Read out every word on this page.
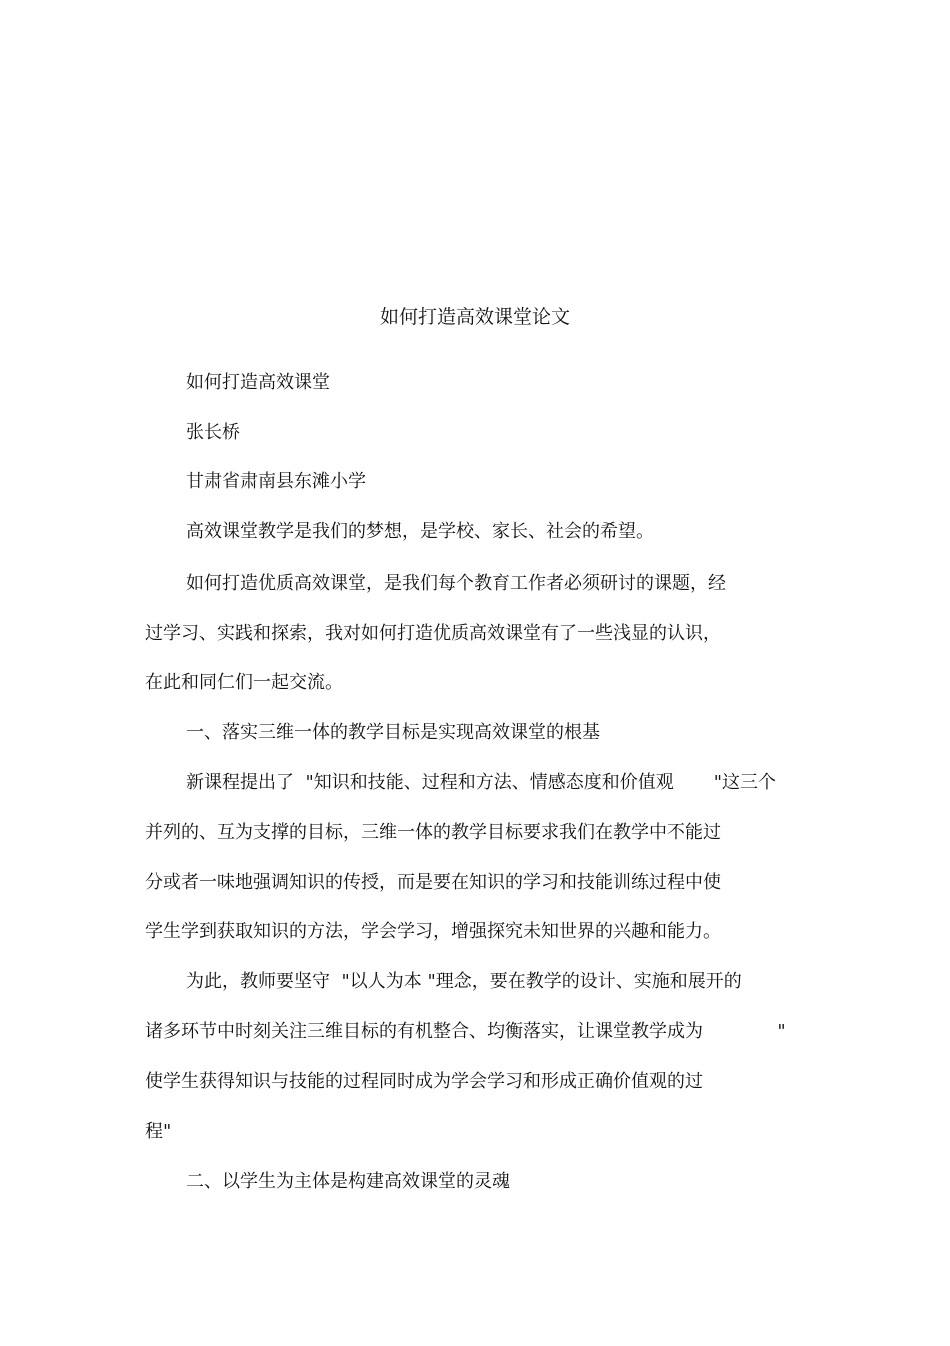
如何打造高效课堂论文
如何打造高效课堂
张长桥
甘肃省肃南县东滩小学
高效课堂教学是我们的梦想，是学校、家长、社会的希望。
如何打造优质高效课堂，是我们每个教育工作者必须研讨的课题，经
过学习、实践和探索，我对如何打造优质高效课堂有了一些浅显的认识，
在此和同仁们一起交流。
一、落实三维一体的教学目标是实现高效课堂的根基
新课程提出了  "知识和技能、过程和方法、情感态度和价值观       "这三个
并列的、互为支撑的目标，三维一体的教学目标要求我们在教学中不能过
分或者一味地强调知识的传授，而是要在知识的学习和技能训练过程中使
学生学到获取知识的方法，学会学习，增强探究未知世界的兴趣和能力。
为此，教师要坚守  "以人为本 "理念，要在教学的设计、实施和展开的
诸多环节中时刻关注三维目标的有机整合、均衡落实，让课堂教学成为             "
使学生获得知识与技能的过程同时成为学会学习和形成正确价值观的过
程"
二、以学生为主体是构建高效课堂的灵魂
